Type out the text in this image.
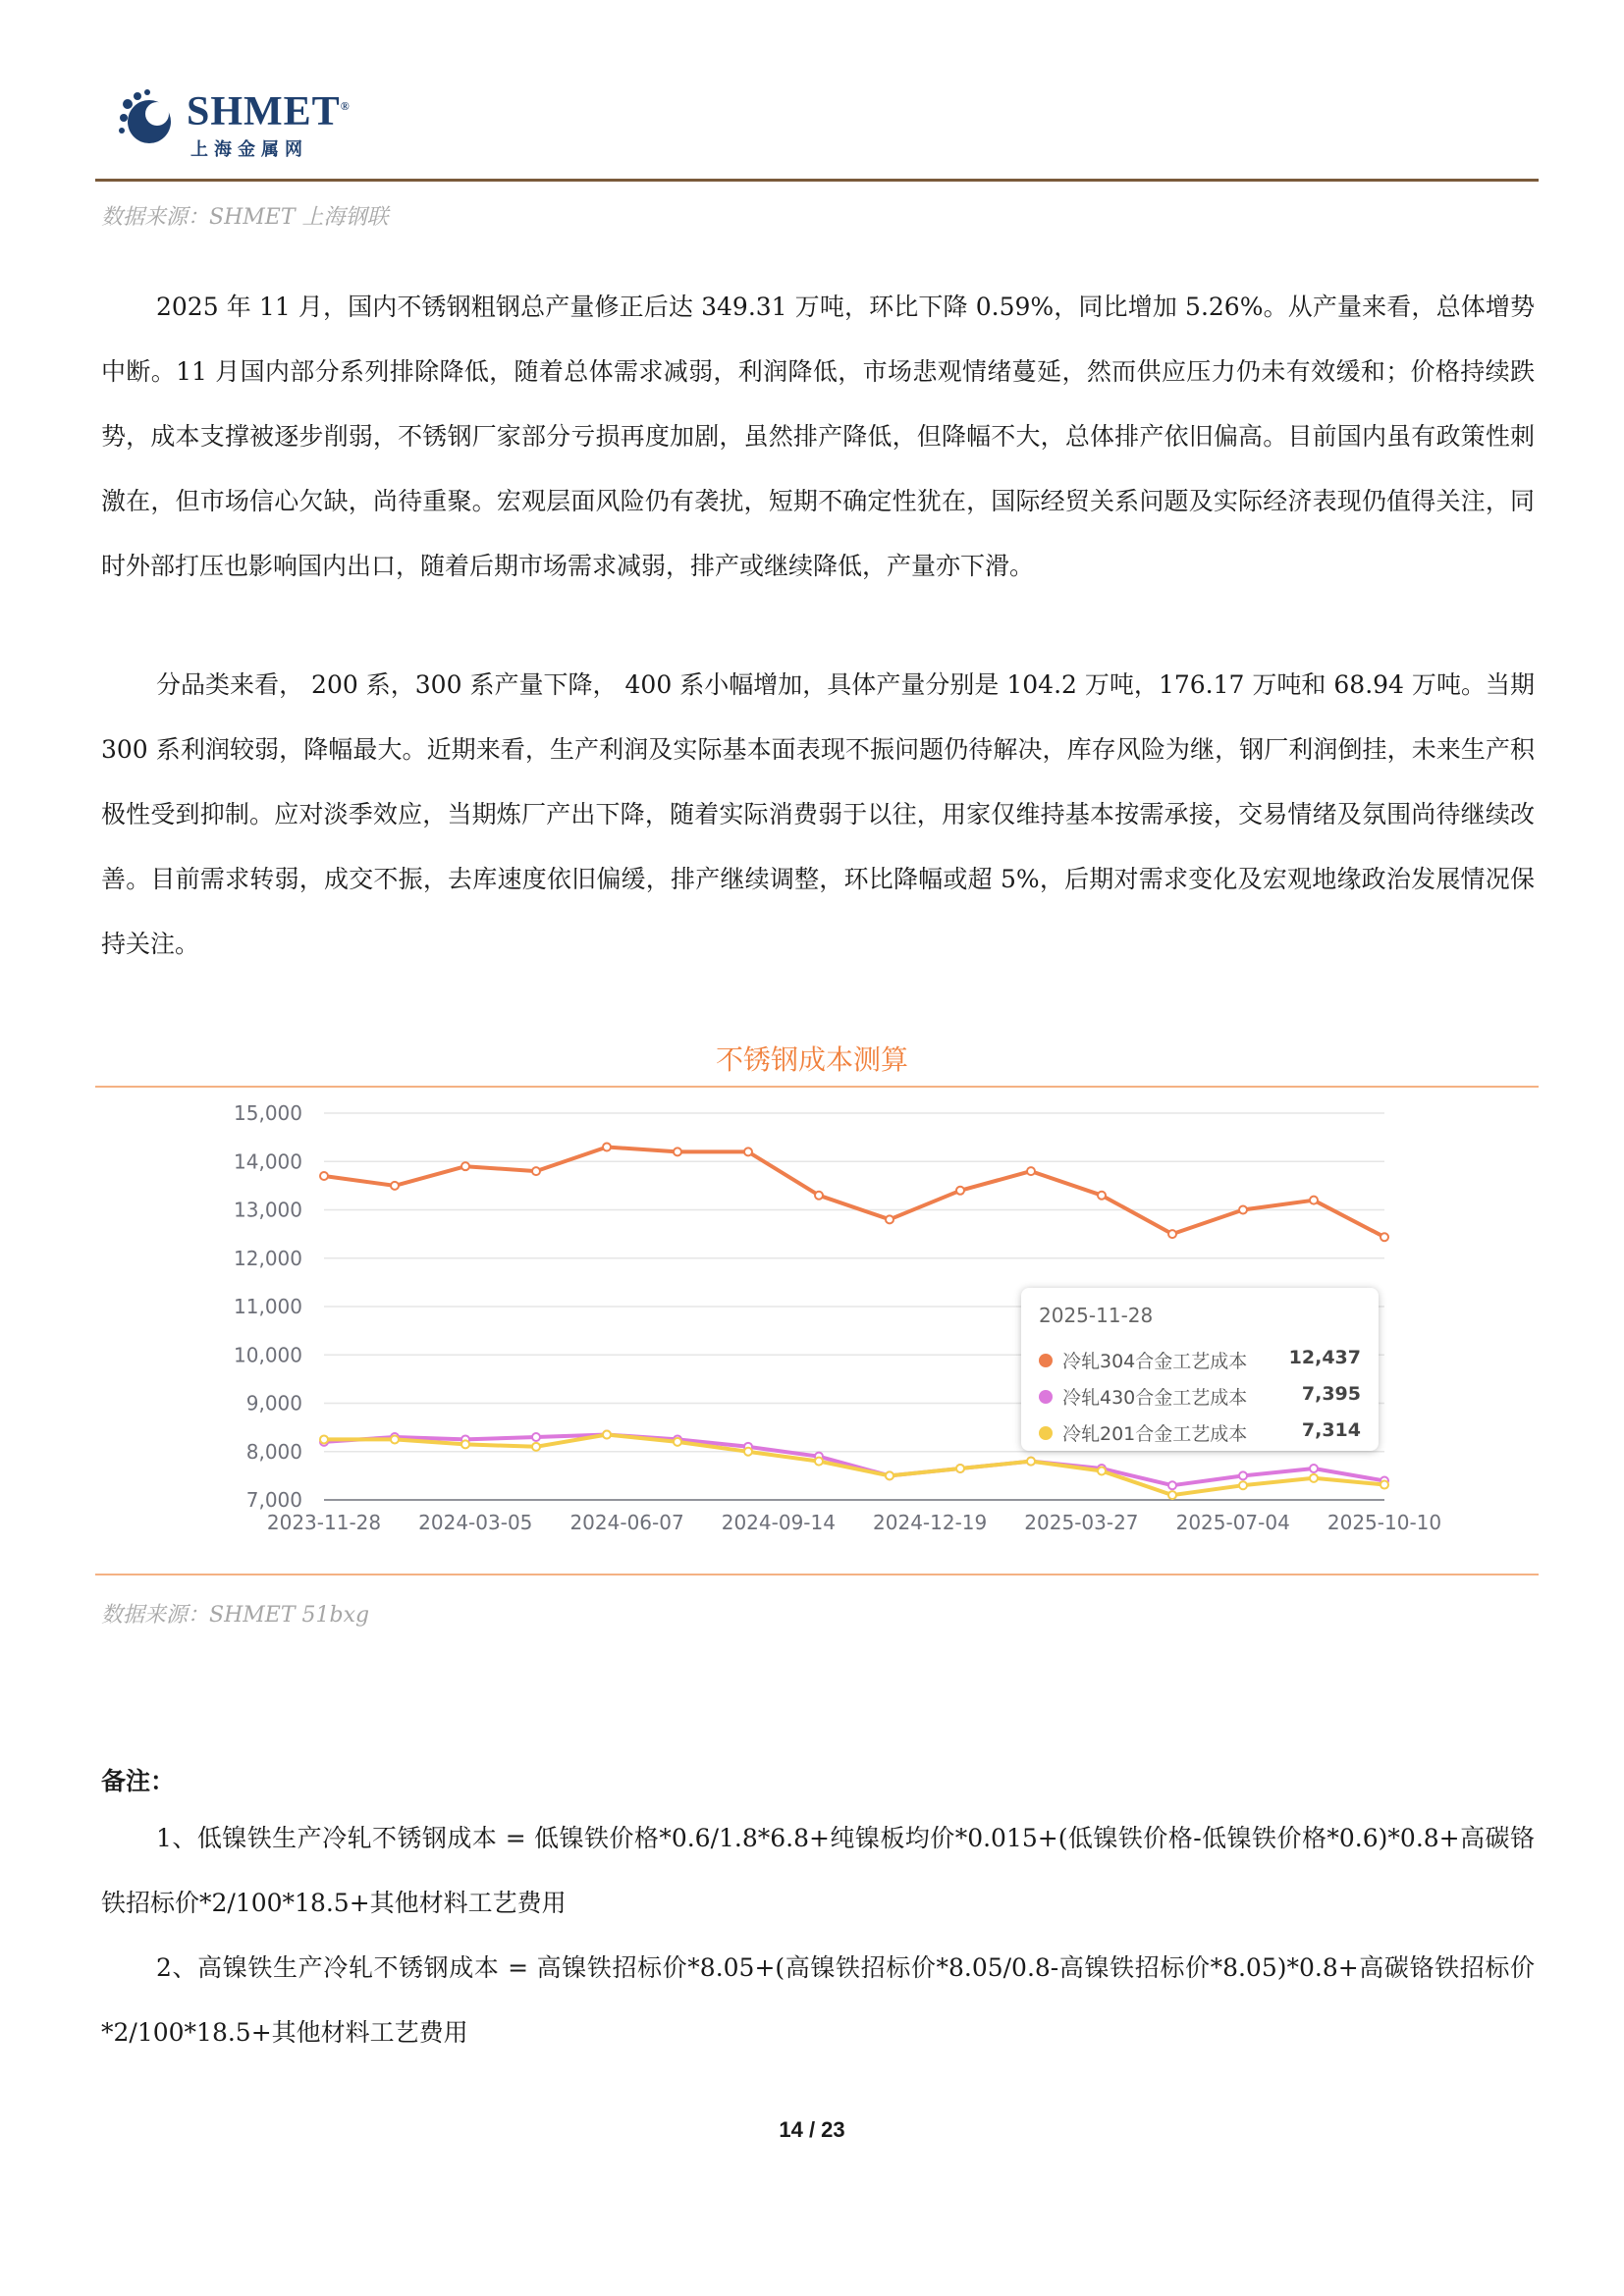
SHMET®
上海金属网
数据来源：SHMET 上海钢联

2025 年 11 月，国内不锈钢粗钢总产量修正后达 349.31 万吨，环比下降 0.59%，同比增加 5.26%。从产量来看，总体增势中断。11 月国内部分系列排除降低，随着总体需求减弱，利润降低，市场悲观情绪蔓延，然而供应压力仍未有效缓和；价格持续跌势，成本支撑被逐步削弱，不锈钢厂家部分亏损再度加剧，虽然排产降低，但降幅不大，总体排产依旧偏高。目前国内虽有政策性刺激在，但市场信心欠缺，尚待重聚。宏观层面风险仍有袭扰，短期不确定性犹在，国际经贸关系问题及实际经济表现仍值得关注，同时外部打压也影响国内出口，随着后期市场需求减弱，排产或继续降低，产量亦下滑。

分品类来看， 200 系，300 系产量下降， 400 系小幅增加，具体产量分别是 104.2 万吨，176.17 万吨和 68.94 万吨。当期 300 系利润较弱，降幅最大。近期来看，生产利润及实际基本面表现不振问题仍待解决，库存风险为继，钢厂利润倒挂，未来生产积极性受到抑制。应对淡季效应，当期炼厂产出下降，随着实际消费弱于以往，用家仅维持基本按需承接，交易情绪及氛围尚待继续改善。目前需求转弱，成交不振，去库速度依旧偏缓，排产继续调整，环比降幅或超 5%，后期对需求变化及宏观地缘政治发展情况保持关注。

不锈钢成本测算
15,000
14,000
13,000
12,000
11,000
10,000
9,000
8,000
7,000
2023-11-28 2024-03-05 2024-06-07 2024-09-14 2024-12-19 2025-03-27 2025-07-04 2025-10-10
2025-11-28
冷轧304合金工艺成本 12,437
冷轧430合金工艺成本	7,395
冷轧201合金工艺成本	7,314
数据来源：SHMET 51bxg
备注：

1、低镍铁生产冷轧不锈钢成本 = 低镍铁价格*0.6/1.8*6.8+纯镍板均价*0.015+(低镍铁价格-低镍铁价格*0.6)*0.8+高碳铬铁招标价*2/100*18.5+其他材料工艺费用

2、高镍铁生产冷轧不锈钢成本 = 高镍铁招标价*8.05+(高镍铁招标价*8.05/0.8-高镍铁招标价*8.05)*0.8+高碳铬铁招标价*2/100*18.5+其他材料工艺费用

14 / 23
